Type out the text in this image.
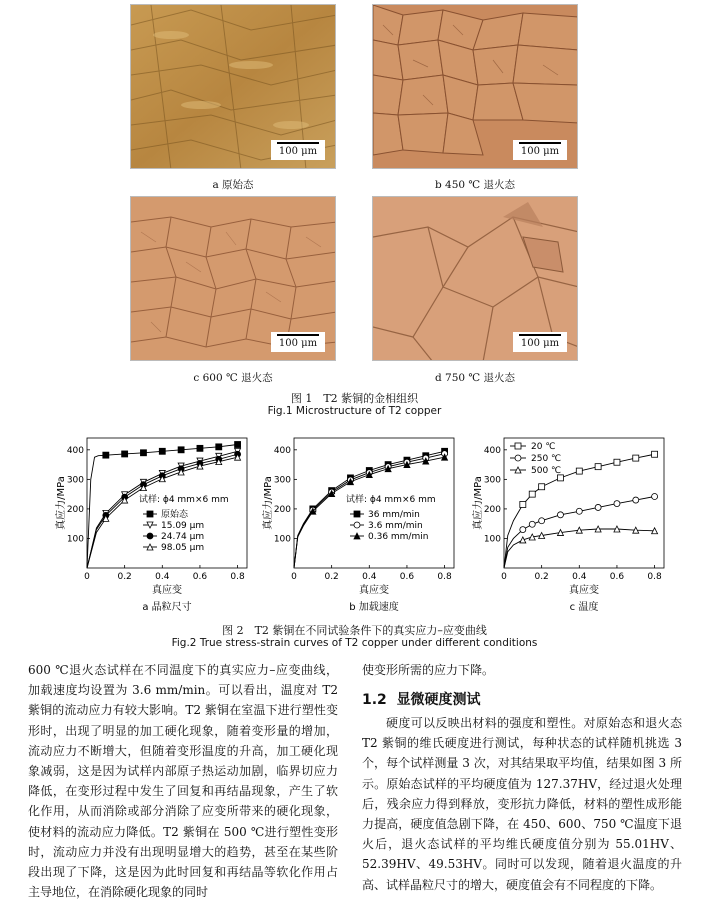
100 μm	100 μm
a 原始态	b 450 ℃ 退火态
100 μm	100 μm
c 600 ℃ 退火态	d 750 ℃ 退火态
图 1　T2 紫铜的金相组织
Fig.1 Microstructure of T2 copper
0	0.2	0.4	0.6	0.8
100
200
300
400
真应变
真应力/MPa
a 晶粒尺寸
试样: ϕ4 mm×6 mm
原始态
15.09 μm
24.74 μm
98.05 μm
0	0.2	0.4	0.6	0.8
100
200
300
400
真应变
真应力/MPa
b 加载速度
试样: ϕ4 mm×6 mm
36 mm/min
3.6 mm/min
0.36 mm/min
0	0.2	0.4	0.6	0.8
100
200
300
400
真应变
真应力/MPa
c 温度
20 ℃
250 ℃
500 ℃
图 2　T2 紫铜在不同试验条件下的真实应力–应变曲线
Fig.2 True stress-strain curves of T2 copper under different conditions

600 ℃退火态试样在不同温度下的真实应力–应变曲线，加载速度均设置为 3.6 mm/min。可以看出，温度对 T2 紫铜的流动应力有较大影响。T2 紫铜在室温下进行塑性变形时，出现了明显的加工硬化现象，随着变形量的增加，流动应力不断增大，但随着变形温度的升高，加工硬化现象减弱，这是因为试样内部原子热运动加剧，临界切应力降低，在变形过程中发生了回复和再结晶现象，产生了软化作用，从而消除或部分消除了应变所带来的硬化现象，使材料的流动应力降低。T2 紫铜在 500 ℃进行塑性变形时，流动应力并没有出现明显增大的趋势，甚至在某些阶段出现了下降，这是因为此时回复和再结晶等软化作用占主导地位，在消除硬化现象的同时

使变形所需的应力下降。

1.2 显微硬度测试

硬度可以反映出材料的强度和塑性。对原始态和退火态 T2 紫铜的维氏硬度进行测试，每种状态的试样随机挑选 3 个，每个试样测量 3 次，对其结果取平均值，结果如图 3 所示。原始态试样的平均硬度值为 127.37HV，经过退火处理后，残余应力得到释放，变形抗力降低，材料的塑性成形能力提高，硬度值急剧下降，在 450、600、750 ℃温度下退火后，退火态试样的平均维氏硬度值分别为 55.01HV、52.39HV、49.53HV。同时可以发现，随着退火温度的升高、试样晶粒尺寸的增大，硬度值会有不同程度的下降。
